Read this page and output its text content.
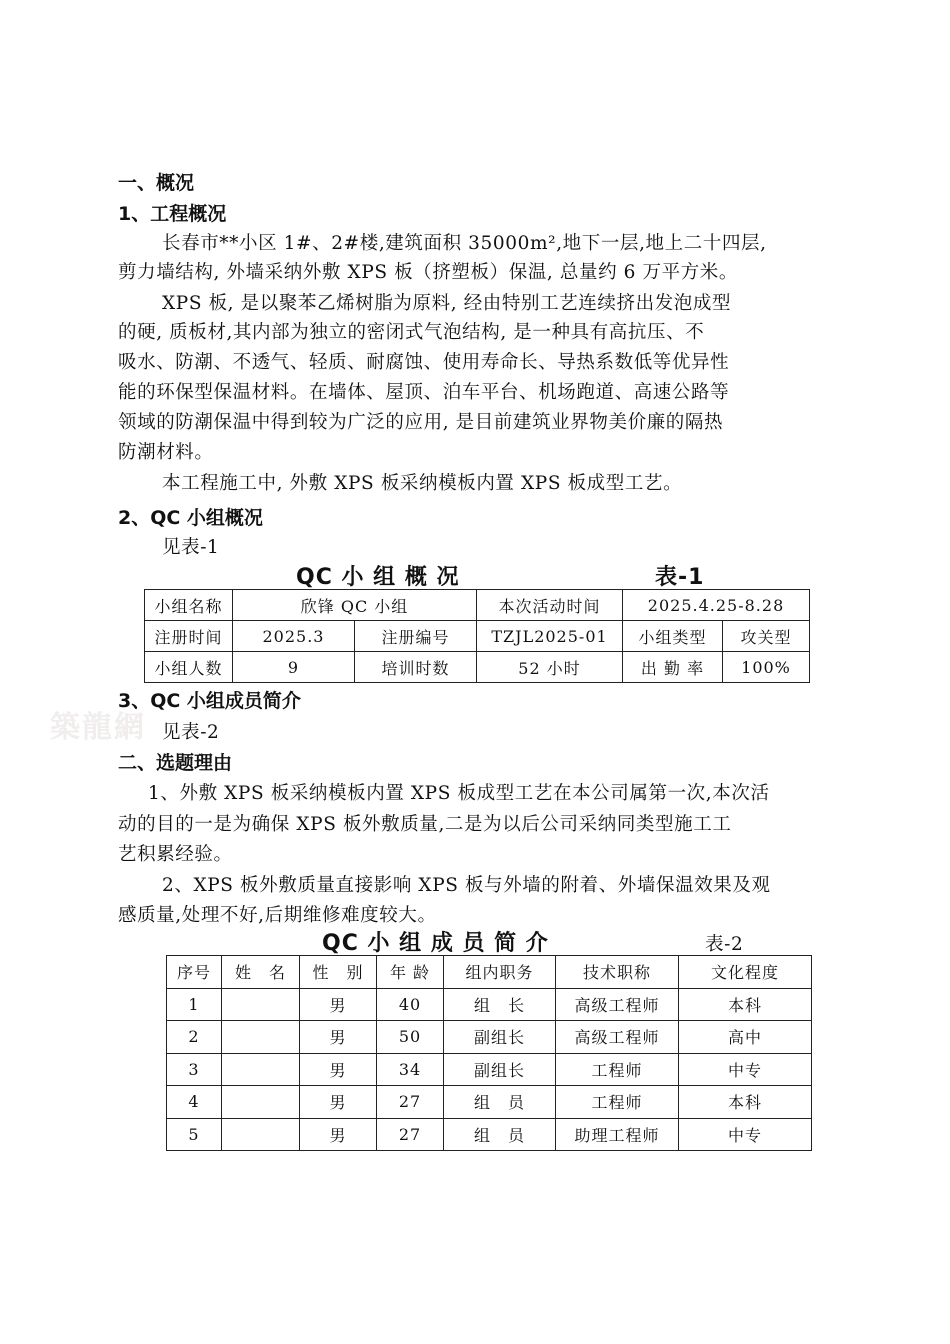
一、概况
1、工程概况
长春市**小区 1#、2#楼,建筑面积 35000m²,地下一层,地上二十四层,
剪力墙结构, 外墙采纳外敷 XPS 板（挤塑板）保温, 总量约 6 万平方米。
XPS 板, 是以聚苯乙烯树脂为原料, 经由特别工艺连续挤出发泡成型
的硬, 质板材,其内部为独立的密闭式气泡结构, 是一种具有高抗压、不
吸水、防潮、不透气、轻质、耐腐蚀、使用寿命长、导热系数低等优异性
能的环保型保温材料。在墙体、屋顶、泊车平台、机场跑道、高速公路等
领域的防潮保温中得到较为广泛的应用, 是目前建筑业界物美价廉的隔热
防潮材料。
本工程施工中, 外敷 XPS 板采纳模板内置 XPS 板成型工艺。
2、QC 小组概况
见表-1
QC 小 组 概 况	表-1
小组名称	欣锋 QC 小组		本次活动时间	2025.4.25-8.28	
注册时间	2025.3	注册编号	TZJL2025-01	小组类型	攻关型
小组人数	9	培训时数	52 小时	出 勤 率	100%
3、QC 小组成员简介
築龍網 见表-2
二、选题理由
1、外敷 XPS 板采纳模板内置 XPS 板成型工艺在本公司属第一次,本次活
动的目的一是为确保 XPS 板外敷质量,二是为以后公司采纳同类型施工工
艺积累经验。
2、XPS 板外敷质量直接影响 XPS 板与外墙的附着、外墙保温效果及观
感质量,处理不好,后期维修难度较大。
QC 小 组 成 员 简 介	表-2
序号	姓　名	性　别	年 龄	组内职务	技术职称	文化程度
1		男	40	组　长	高级工程师	本科
2		男	50	副组长	高级工程师	高中
3		男	34	副组长	工程师	中专
4		男	27	组　员	工程师	本科
5		男	27	组　员	助理工程师	中专
